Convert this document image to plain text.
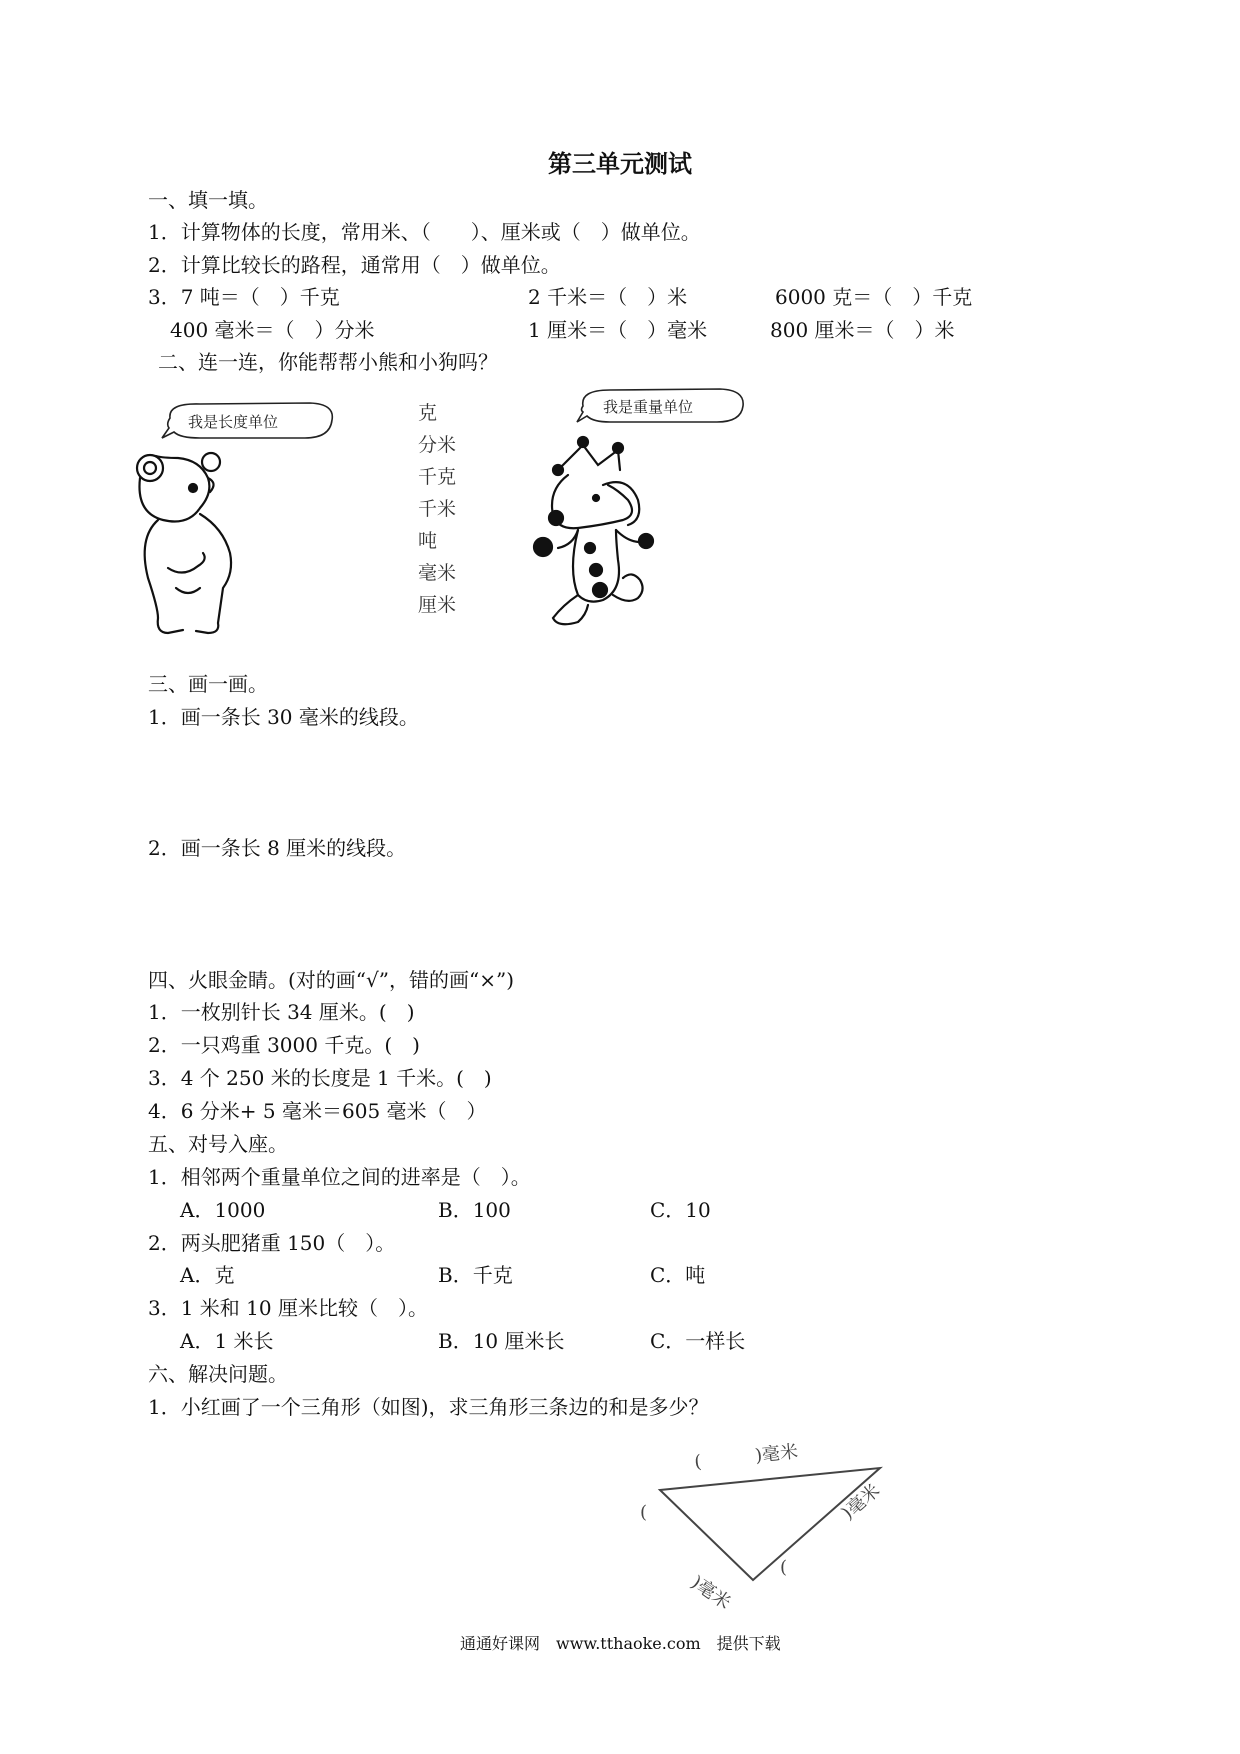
第三单元测试
一、填一填。
1．计算物体的长度，常用米、（　　）、厘米或（　）做单位。
2．计算比较长的路程，通常用（　）做单位。
3．7 吨＝（　）千克	2 千米＝（　）米	6000 克＝（　）千克
400 毫米＝（　）分米	1 厘米＝（　）毫米	800 厘米＝（　）米
二、连一连，你能帮帮小熊和小狗吗？
我是长度单位	克
分米
千克
千米
吨
毫米
厘米
我是重量单位
三、画一画。
1．画一条长 30 毫米的线段。
2．画一条长 8 厘米的线段。
四、火眼金睛。(对的画“√”，错的画“×”)
1．一枚别针长 34 厘米。(　)
2．一只鸡重 3000 千克。(　)
3．4 个 250 米的长度是 1 千米。(　)
4．6 分米+ 5 毫米＝605 毫米（　）
五、对号入座。
1．相邻两个重量单位之间的进率是（　）。
A．1000	B．100	C．10
2．两头肥猪重 150（　）。
A．克	B．千克	C．吨
3．1 米和 10 厘米比较（　）。
A．1 米长	B．10 厘米长	C．一样长
六、解决问题。
1．小红画了一个三角形（如图)，求三角形三条边的和是多少？
(　　　)毫米
)毫米
)毫米
(
(
通通好课网　www.tthaoke.com　提供下载
